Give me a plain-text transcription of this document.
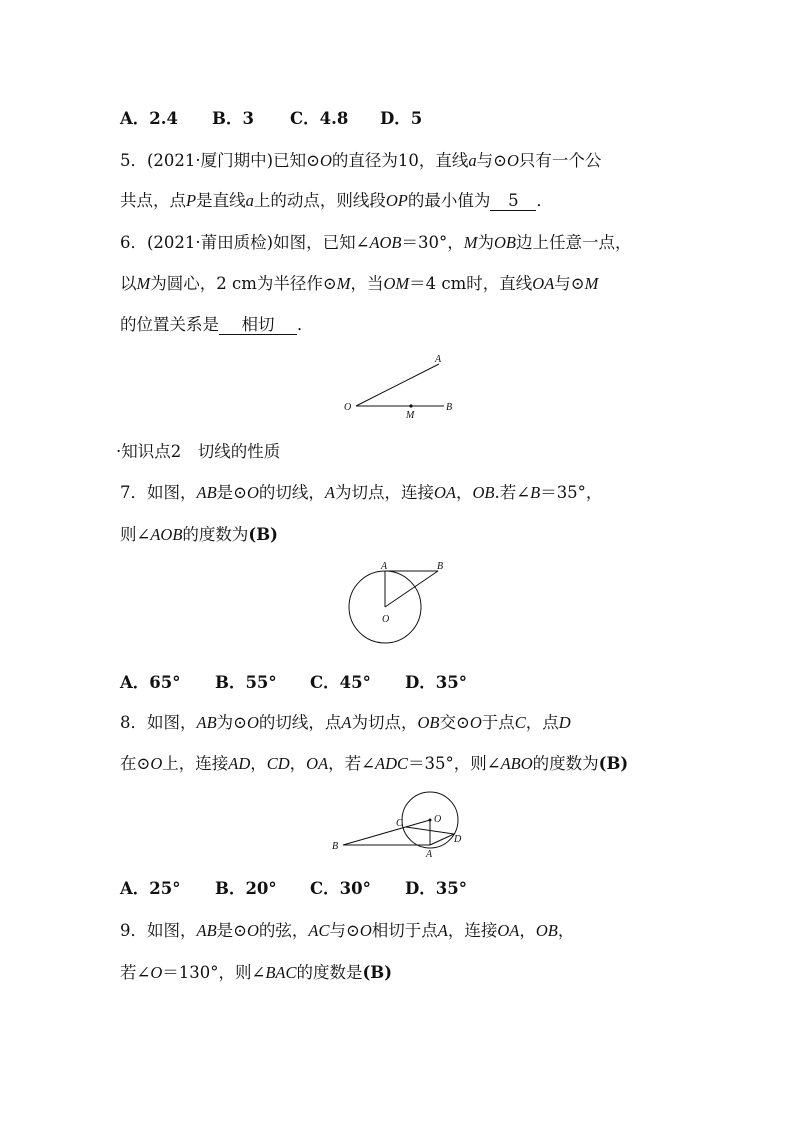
A．2.4 B．3 C．4.8 D．5
5．(2021·厦门期中)已知⊙O的直径为10，直线a与⊙O只有一个公
共点，点P是直线a上的动点，则线段OP的最小值为 5 ．
6．(2021·莆田质检)如图，已知∠AOB＝30°，M为OB边上任意一点，
以M为圆心，2 cm为半径作⊙M，当OM＝4 cm时，直线OA与⊙M
的位置关系是 相切 ．
A
O
M
B
·知识点2　切线的性质
7．如图，AB是⊙O的切线，A为切点，连接OA，OB.若∠B＝35°，
则∠AOB的度数为(B)
A	B
O
A．65° B．55° C．45° D．35°
8．如图，AB为⊙O的切线，点A为切点，OB交⊙O于点C，点D
在⊙O上，连接AD，CD，OA，若∠ADC＝35°，则∠ABO的度数为(B)
B
C	O
D
A
A．25° B．20° C．30° D．35°
9．如图，AB是⊙O的弦，AC与⊙O相切于点A，连接OA，OB，
若∠O＝130°，则∠BAC的度数是(B)
